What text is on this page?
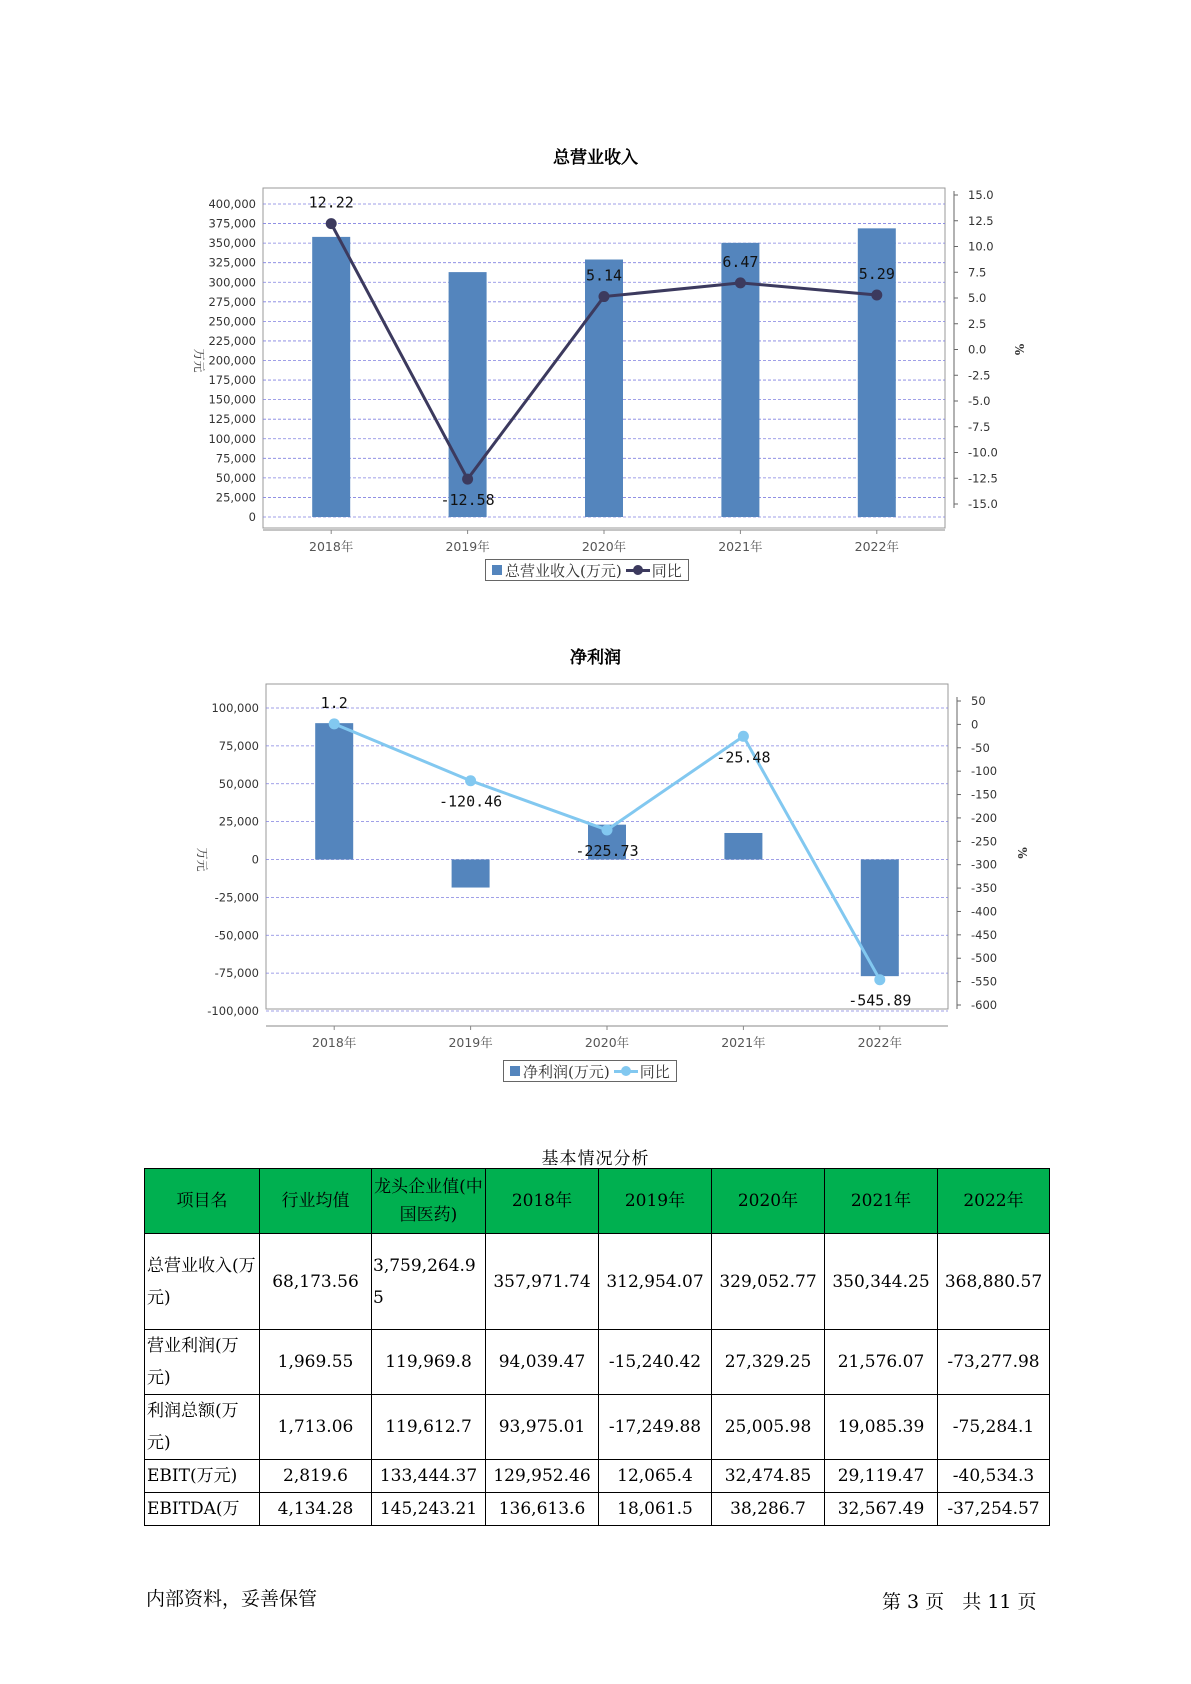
总营业收入
0
25,000
50,000
75,000
100,000
125,000
150,000
175,000
200,000
225,000
250,000
275,000
300,000
325,000
350,000
375,000
400,000
万元
-15.0
-12.5
-10.0
-7.5
-5.0
-2.5
0.0
2.5
5.0
7.5
10.0
12.5
15.0
%
2018年	2019年	2020年	2021年	2022年
12.22
-12.58
5.14
6.47
5.29
总营业收入(万元) 同比
净利润
-100,000
-75,000
-50,000
-25,000
0
25,000
50,000
75,000
100,000
万元
-600
-550
-500
-450
-400
-350
-300
-250
-200
-150
-100
-50
0
50
%
2018年	2019年	2020年	2021年	2022年
1.2
-120.46
-225.73
-25.48
-545.89
净利润(万元) 同比
基本情况分析
项目名	行业均值	龙头企业值(中国医药)	2018年	2019年	2020年	2021年	2022年
总营业收入(万元)	68,173.56	3,759,264.95	357,971.74	312,954.07	329,052.77	350,344.25	368,880.57
营业利润(万元)	1,969.55	119,969.8	94,039.47	-15,240.42	27,329.25	21,576.07	-73,277.98
利润总额(万元)	1,713.06	119,612.7	93,975.01	-17,249.88	25,005.98	19,085.39	-75,284.1
EBIT(万元)	2,819.6	133,444.37	129,952.46	12,065.4	32,474.85	29,119.47	-40,534.3
EBITDA(万	4,134.28	145,243.21	136,613.6	18,061.5	38,286.7	32,567.49	-37,254.57
内部资料，妥善保管	第 3 页   共 11 页
